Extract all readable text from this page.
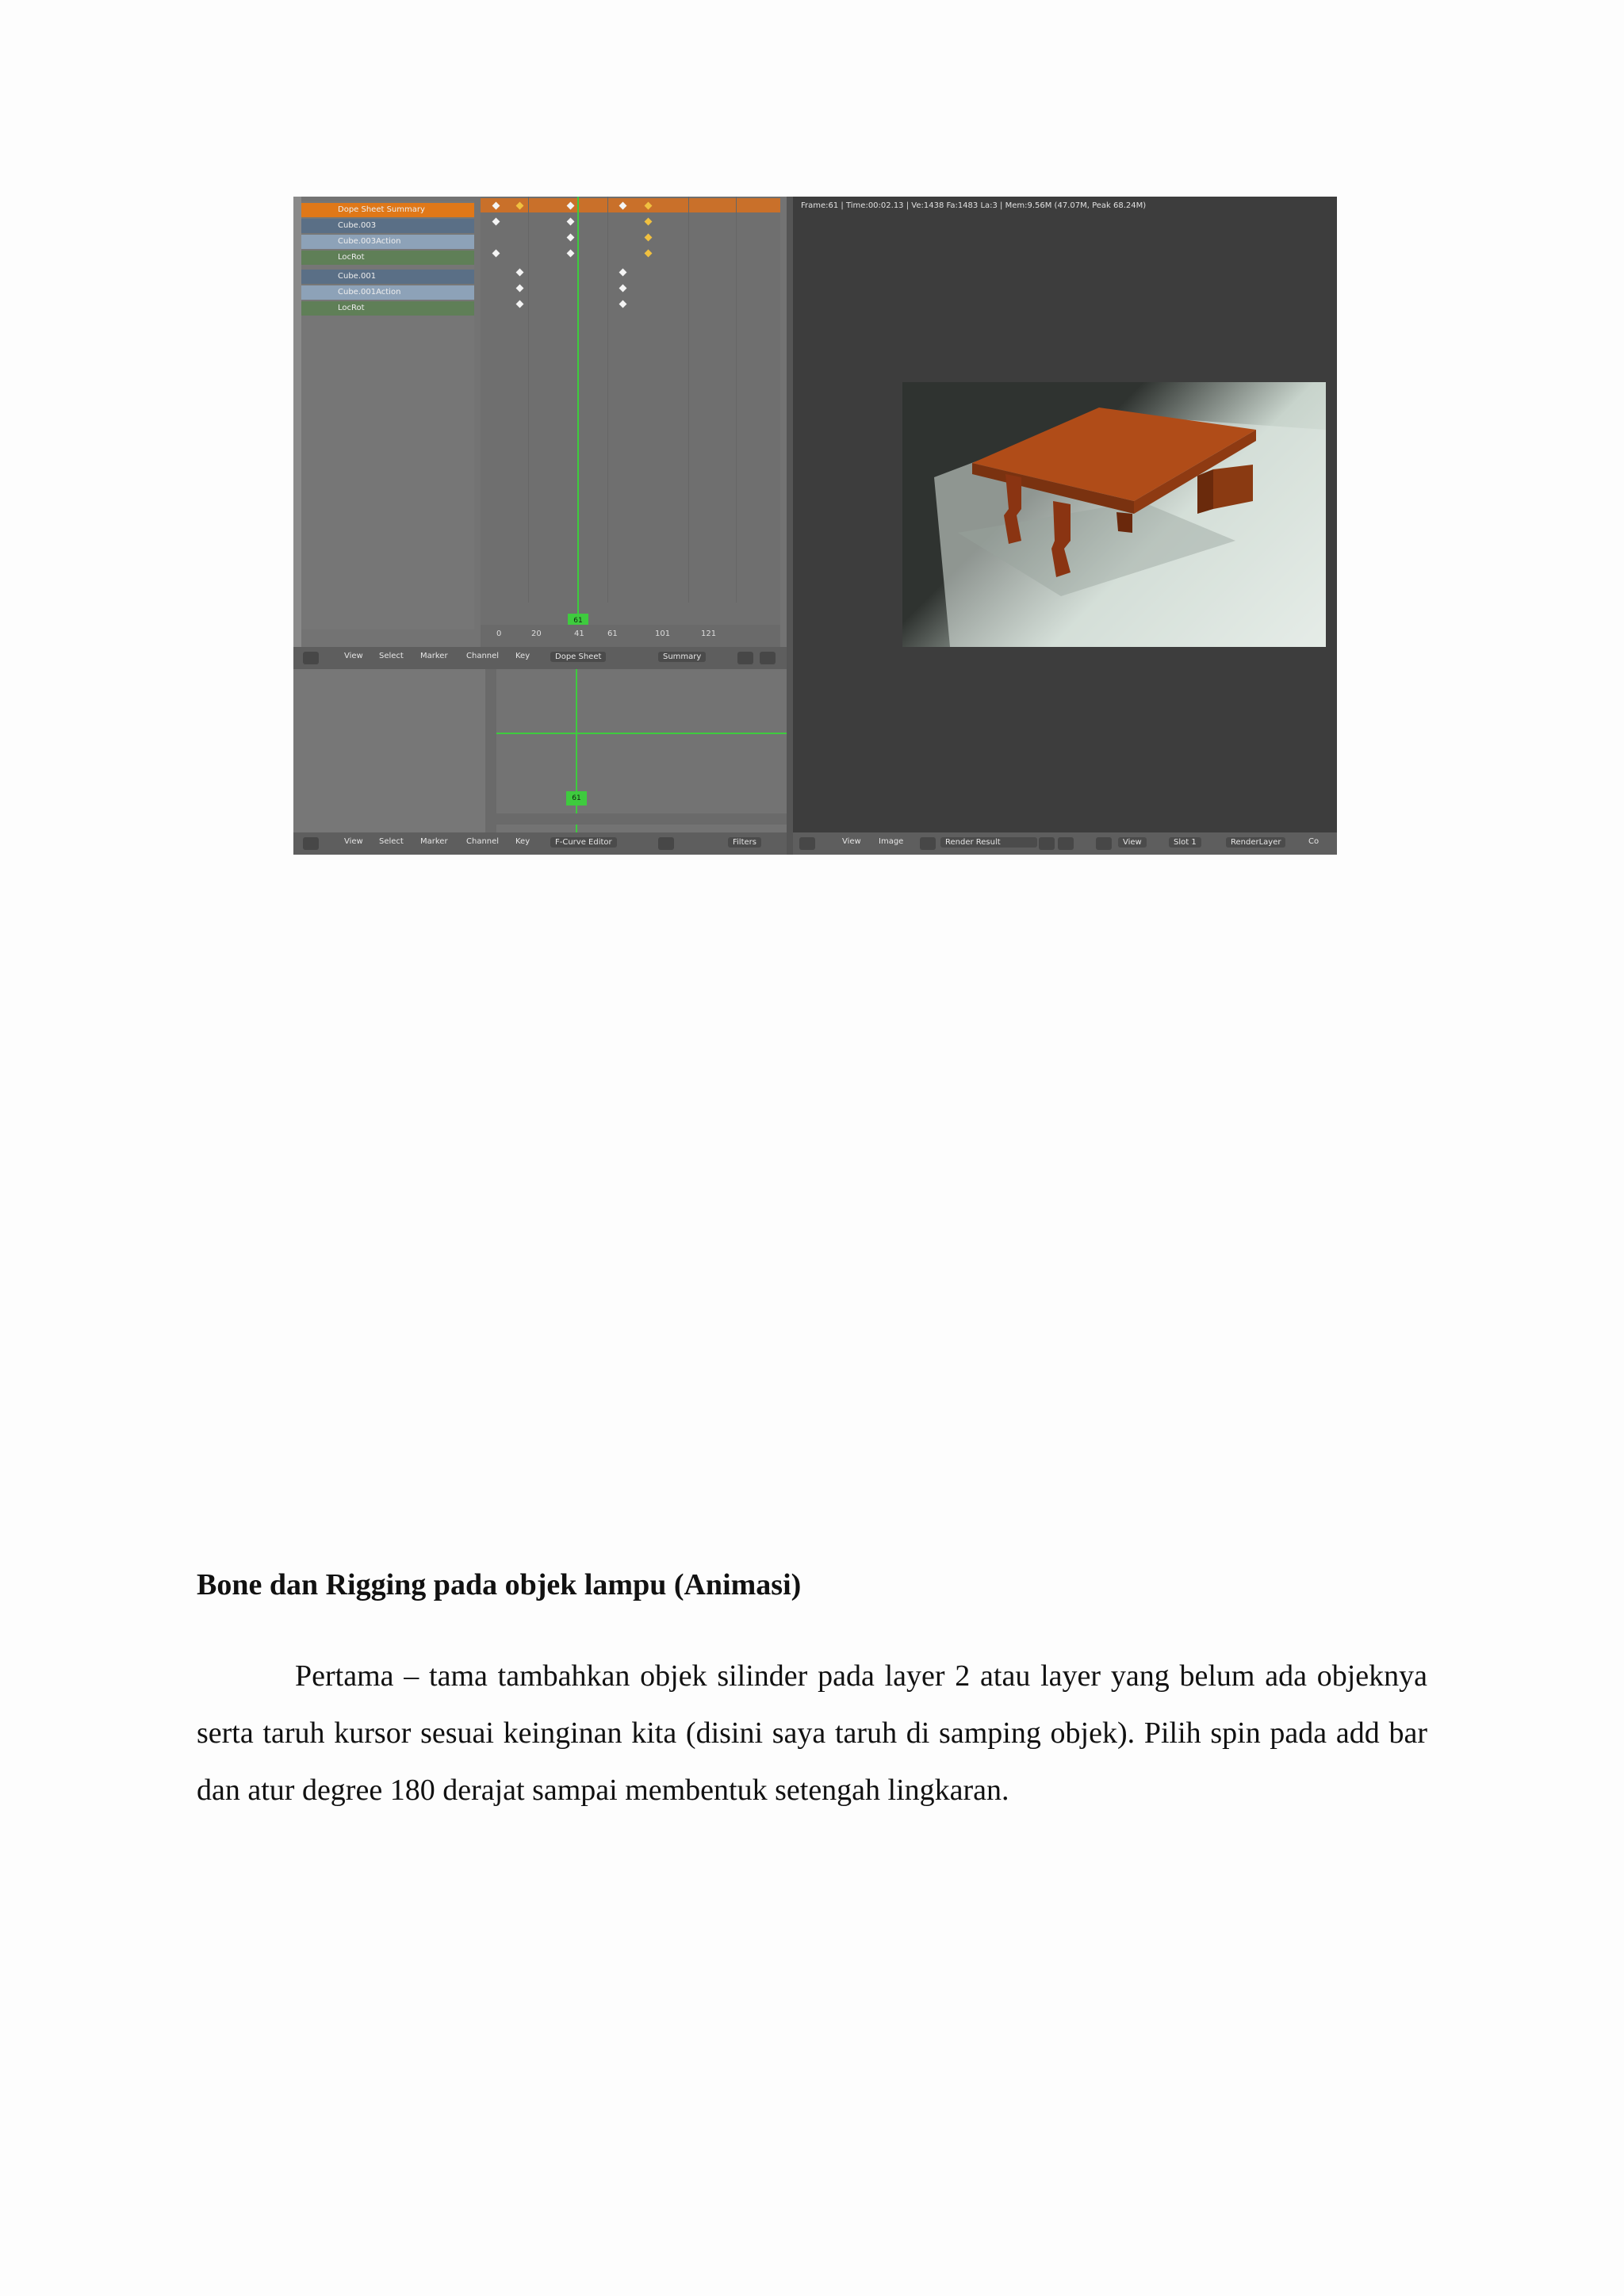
Dope Sheet Summary
Cube.003
Cube.003Action
LocRot
Cube.001
Cube.001Action
LocRot
61
0	20	41	61	101	121
View Select Marker Channel Key	Dope Sheet	Summary
61
View Select Marker Channel Key	F-Curve Editor	Filters
Frame:61 | Time:00:02.13 | Ve:1438 Fa:1483 La:3 | Mem:9.56M (47.07M, Peak 68.24M)
View Image	Render Result	View	Slot 1	RenderLayer	Co
Bone dan Rigging pada objek lampu (Animasi)

Pertama – tama tambahkan objek silinder pada layer 2 atau layer yang belum ada objeknya serta taruh kursor sesuai keinginan kita (disini saya taruh di samping objek). Pilih spin pada add bar dan atur degree 180 derajat sampai membentuk setengah lingkaran.
